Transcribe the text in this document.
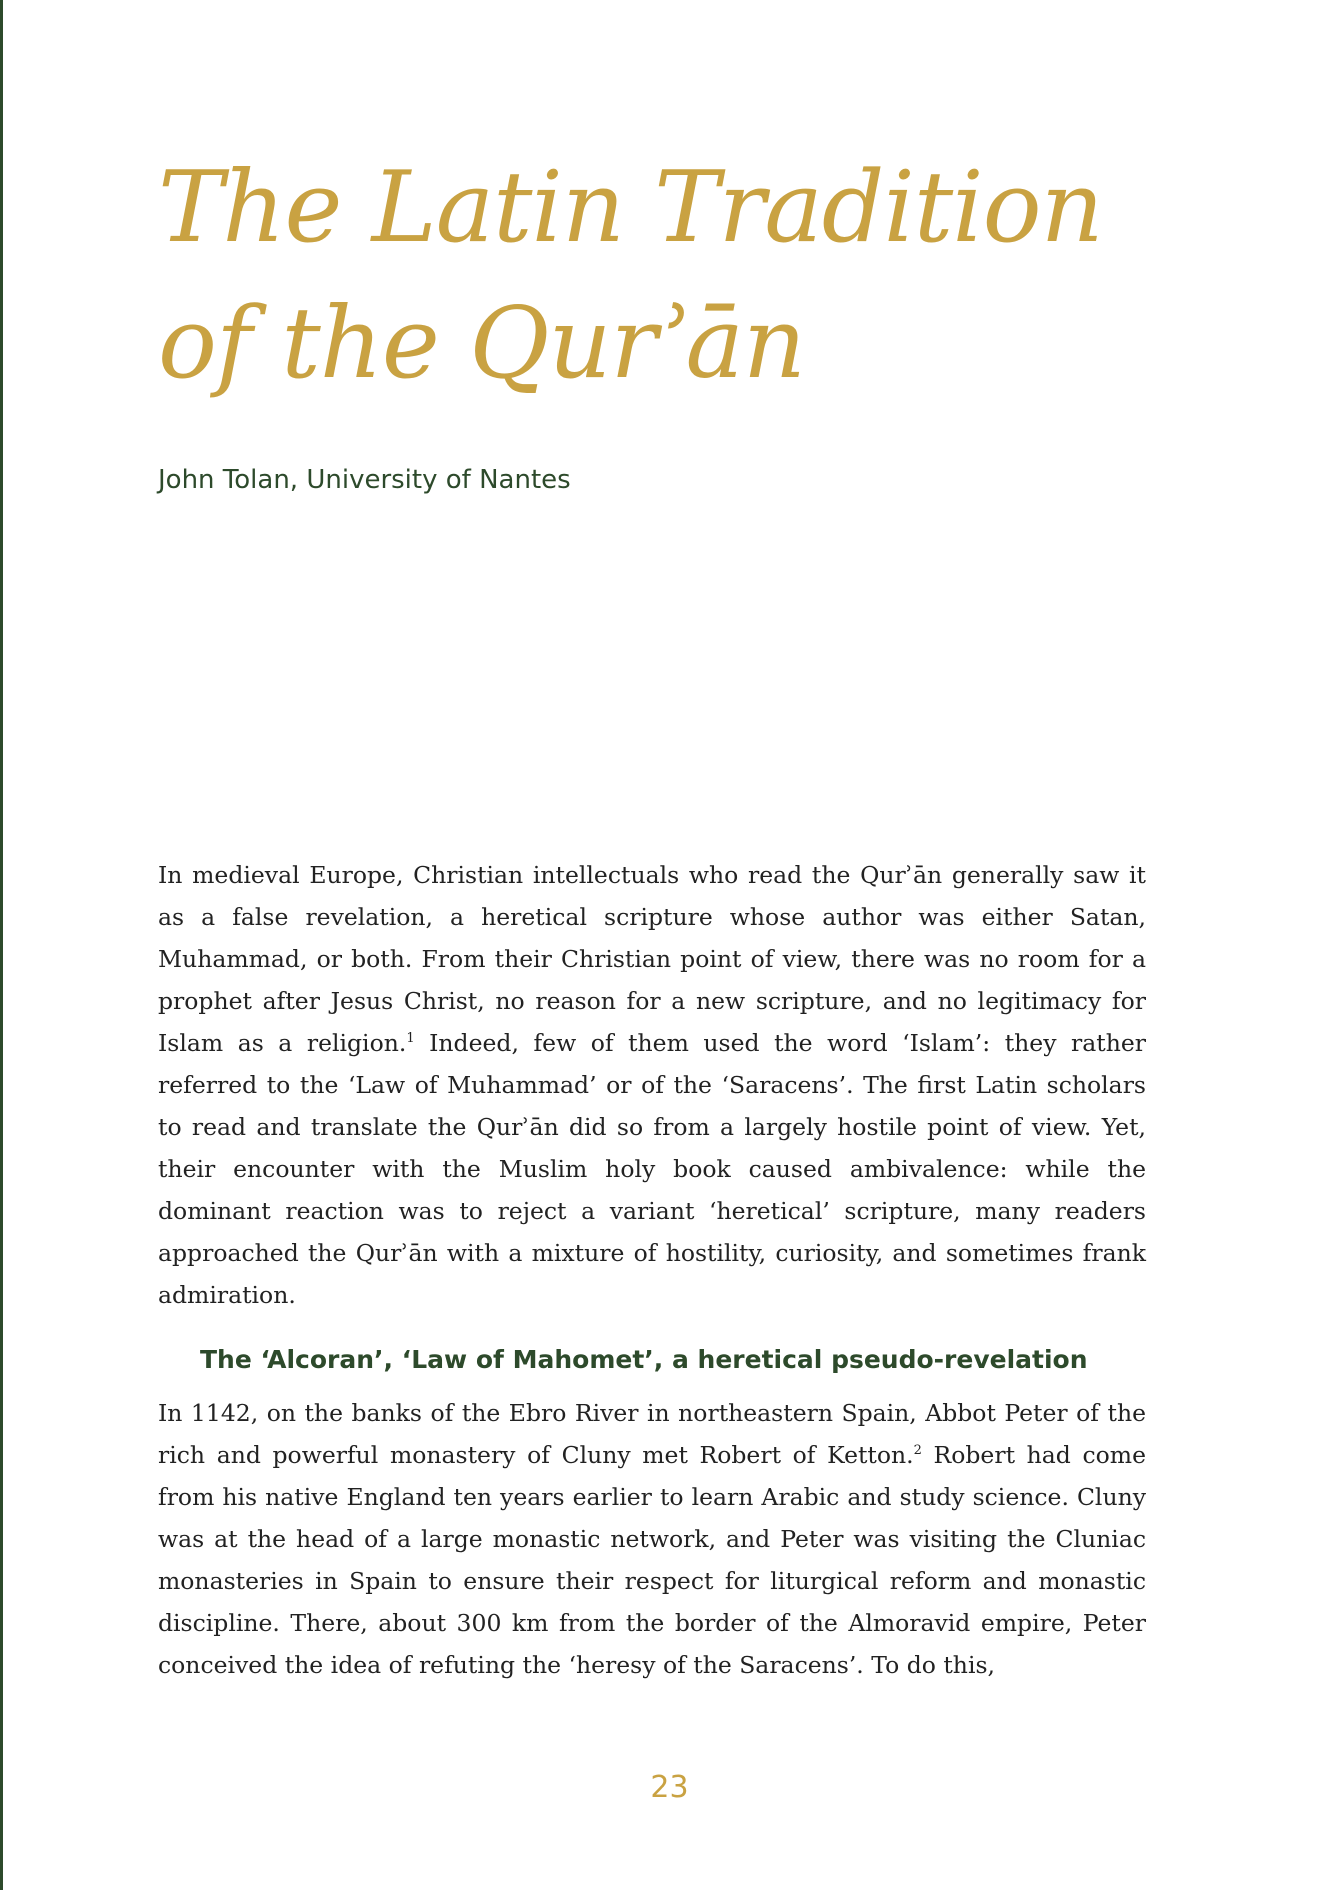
The Latin Tradition
of the Qurʾān

John Tolan, University of Nantes

In medieval Europe, Christian intellectuals who read the Qurʾān generally saw it as a false revelation, a heretical scripture whose author was either Satan, Muhammad, or both. From their Christian point of view, there was no room for a prophet after Jesus Christ, no reason for a new scripture, and no legitimacy for Islam as a religion.$^1$ Indeed, few of them used the word ‘Islam’: they rather referred to the ‘Law of Muhammad’ or of the ‘Saracens’. The first Latin scholars to read and translate the Qurʾān did so from a largely hostile point of view. Yet, their encounter with the Muslim holy book caused ambivalence: while the dominant reaction was to reject a variant ‘heretical’ scripture, many readers approached the Qurʾān with a mixture of hostility, curiosity, and sometimes frank admiration.

The ‘Alcoran’, ‘Law of Mahomet’, a heretical pseudo-revelation

In 1142, on the banks of the Ebro River in northeastern Spain, Abbot Peter of the rich and powerful monastery of Cluny met Robert of Ketton.$^2$ Robert had come from his native England ten years earlier to learn Arabic and study science. Cluny was at the head of a large monastic network, and Peter was visiting the Cluniac monasteries in Spain to ensure their respect for liturgical reform and monastic discipline. There, about 300 km from the border of the Almoravid empire, Peter conceived the idea of refuting the ‘heresy of the Saracens’. To do this,

23
